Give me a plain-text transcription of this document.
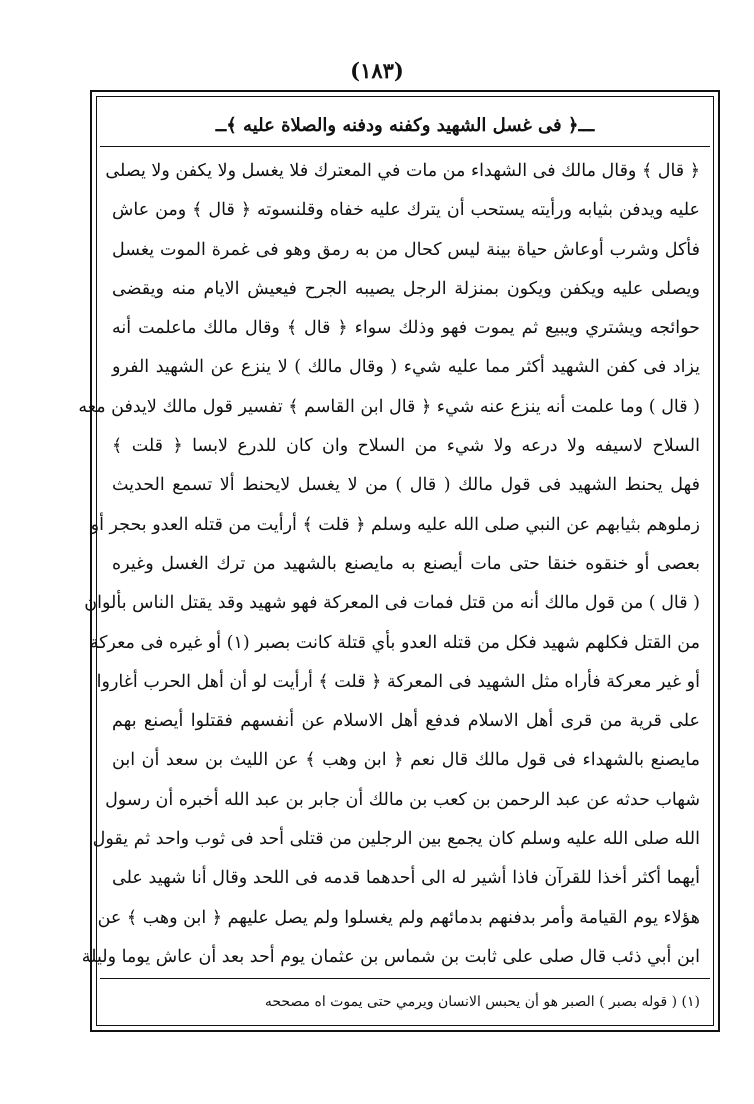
(١٨٣)
ـــ﴿ فى غسل الشهيد وكفنه ودفنه والصلاة عليه ﴾ــ
﴿ قال ﴾ وقال مالك فى الشهداء من مات في المعترك فلا يغسل ولا يكفن ولا يصلى
عليه ويدفن بثيابه ورأيته يستحب أن يترك عليه خفاه وقلنسوته ﴿ قال ﴾ ومن عاش
فأكل وشرب أوعاش حياة بينة ليس كحال من به رمق وهو فى غمرة الموت يغسل
ويصلى عليه ويكفن ويكون بمنزلة الرجل يصيبه الجرح فيعيش الايام منه ويقضى
حوائجه ويشتري ويبيع ثم يموت فهو وذلك سواء ﴿ قال ﴾ وقال مالك ماعلمت أنه
يزاد فى كفن الشهيد أكثر مما عليه شيء ( وقال مالك ) لا ينزع عن الشهيد الفرو
( قال ) وما علمت أنه ينزع عنه شيء ﴿ قال ابن القاسم ﴾ تفسير قول مالك لايدفن معه
السلاح لاسيفه ولا درعه ولا شيء من السلاح وان كان للدرع لابسا ﴿ قلت ﴾
فهل يحنط الشهيد فى قول مالك ( قال ) من لا يغسل لايحنط ألا تسمع الحديث
زملوهم بثيابهم عن النبي صلى الله عليه وسلم ﴿ قلت ﴾ أرأيت من قتله العدو بحجر أو
بعصى أو خنقوه خنقا حتى مات أيصنع به مايصنع بالشهيد من ترك الغسل وغيره
( قال ) من قول مالك أنه من قتل فمات فى المعركة فهو شهيد وقد يقتل الناس بألوان
من القتل فكلهم شهيد فكل من قتله العدو بأي قتلة كانت بصبر (١) أو غيره فى معركة
أو غير معركة فأراه مثل الشهيد فى المعركة ﴿ قلت ﴾ أرأيت لو أن أهل الحرب أغاروا
على قرية من قرى أهل الاسلام فدفع أهل الاسلام عن أنفسهم فقتلوا أيصنع بهم
مايصنع بالشهداء فى قول مالك قال نعم ﴿ ابن وهب ﴾ عن الليث بن سعد أن ابن
شهاب حدثه عن عبد الرحمن بن كعب بن مالك أن جابر بن عبد الله أخبره أن رسول
الله صلى الله عليه وسلم كان يجمع بين الرجلين من قتلى أحد فى ثوب واحد ثم يقول
أيهما أكثر أخذا للقرآن فاذا أشير له الى أحدهما قدمه فى اللحد وقال أنا شهيد على
هؤلاء يوم القيامة وأمر بدفنهم بدمائهم ولم يغسلوا ولم يصل عليهم ﴿ ابن وهب ﴾ عن
ابن أبي ذئب قال صلى على ثابت بن شماس بن عثمان يوم أحد بعد أن عاش يوما وليلة
(١) ( قوله بصبر ) الصبر هو أن يحبس الانسان ويرمي حتى يموت اه مصححه
